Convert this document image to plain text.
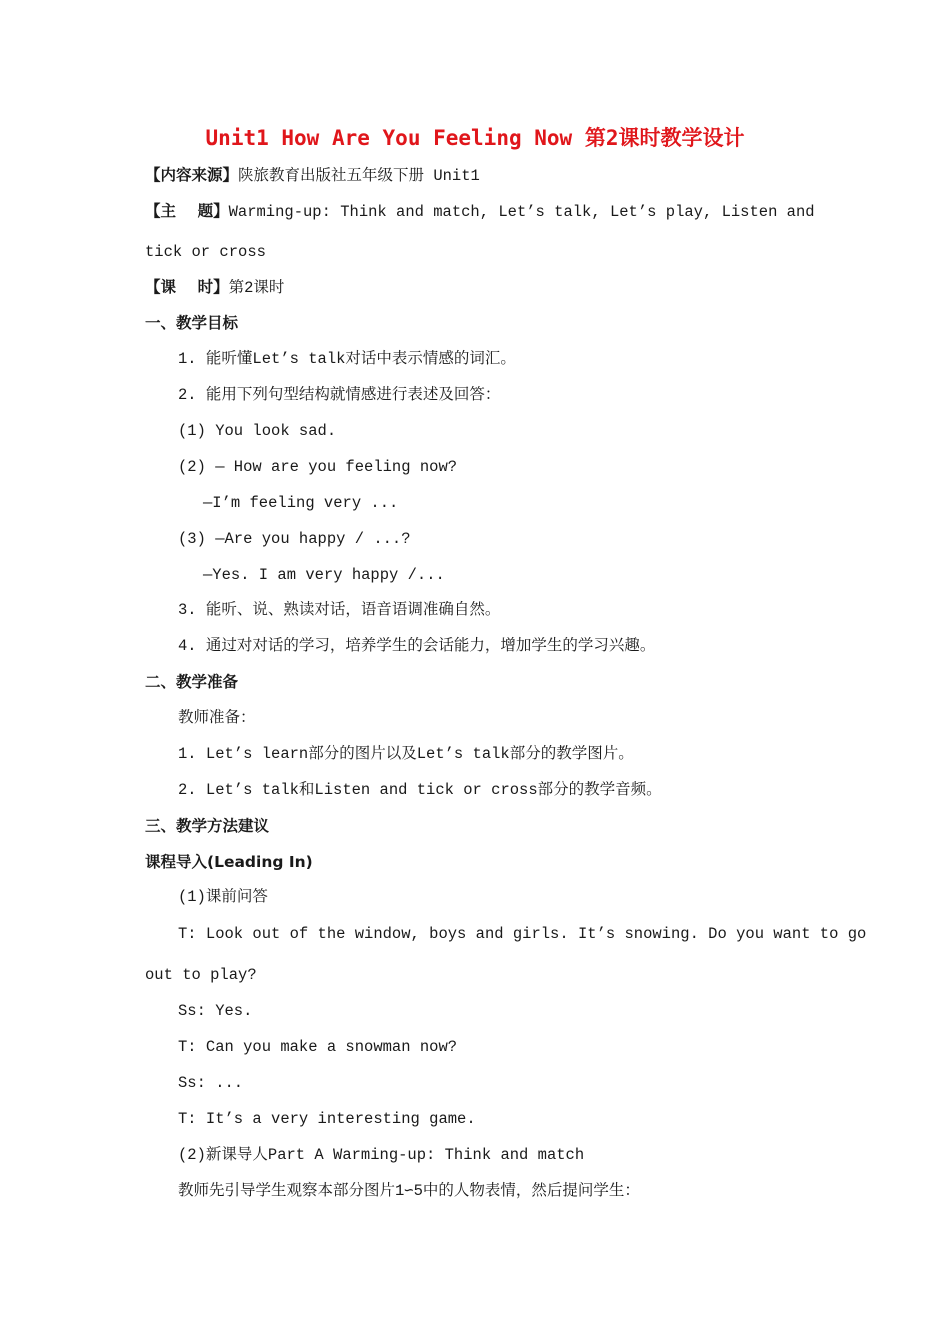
Unit1 How Are You Feeling Now 第2课时教学设计
【内容来源】陕旅教育出版社五年级下册 Unit1
【主    题】Warming-up: Think and match, Let’s talk, Let’s play, Listen and
tick or cross
【课    时】第2课时
一、教学目标
1. 能听懂Let’s talk对话中表示情感的词汇。
2. 能用下列句型结构就情感进行表述及回答：
(1) You look sad.
(2) — How are you feeling now?
—I’m feeling very ...
(3) —Are you happy / ...?
—Yes. I am very happy /...
3. 能听、说、熟读对话，语音语调准确自然。
4. 通过对对话的学习，培养学生的会话能力，增加学生的学习兴趣。
二、教学准备
教师准备：
1. Let’s learn部分的图片以及Let’s talk部分的教学图片。
2. Let’s talk和Listen and tick or cross部分的教学音频。
三、教学方法建议
课程导入(Leading In)
(1)课前问答
T: Look out of the window, boys and girls. It’s snowing. Do you want to go
out to play?
Ss: Yes.
T: Can you make a snowman now?
Ss: ...
T: It’s a very interesting game.
(2)新课导人Part A Warming-up: Think and match
教师先引导学生观察本部分图片1∽5中的人物表情，然后提问学生：
